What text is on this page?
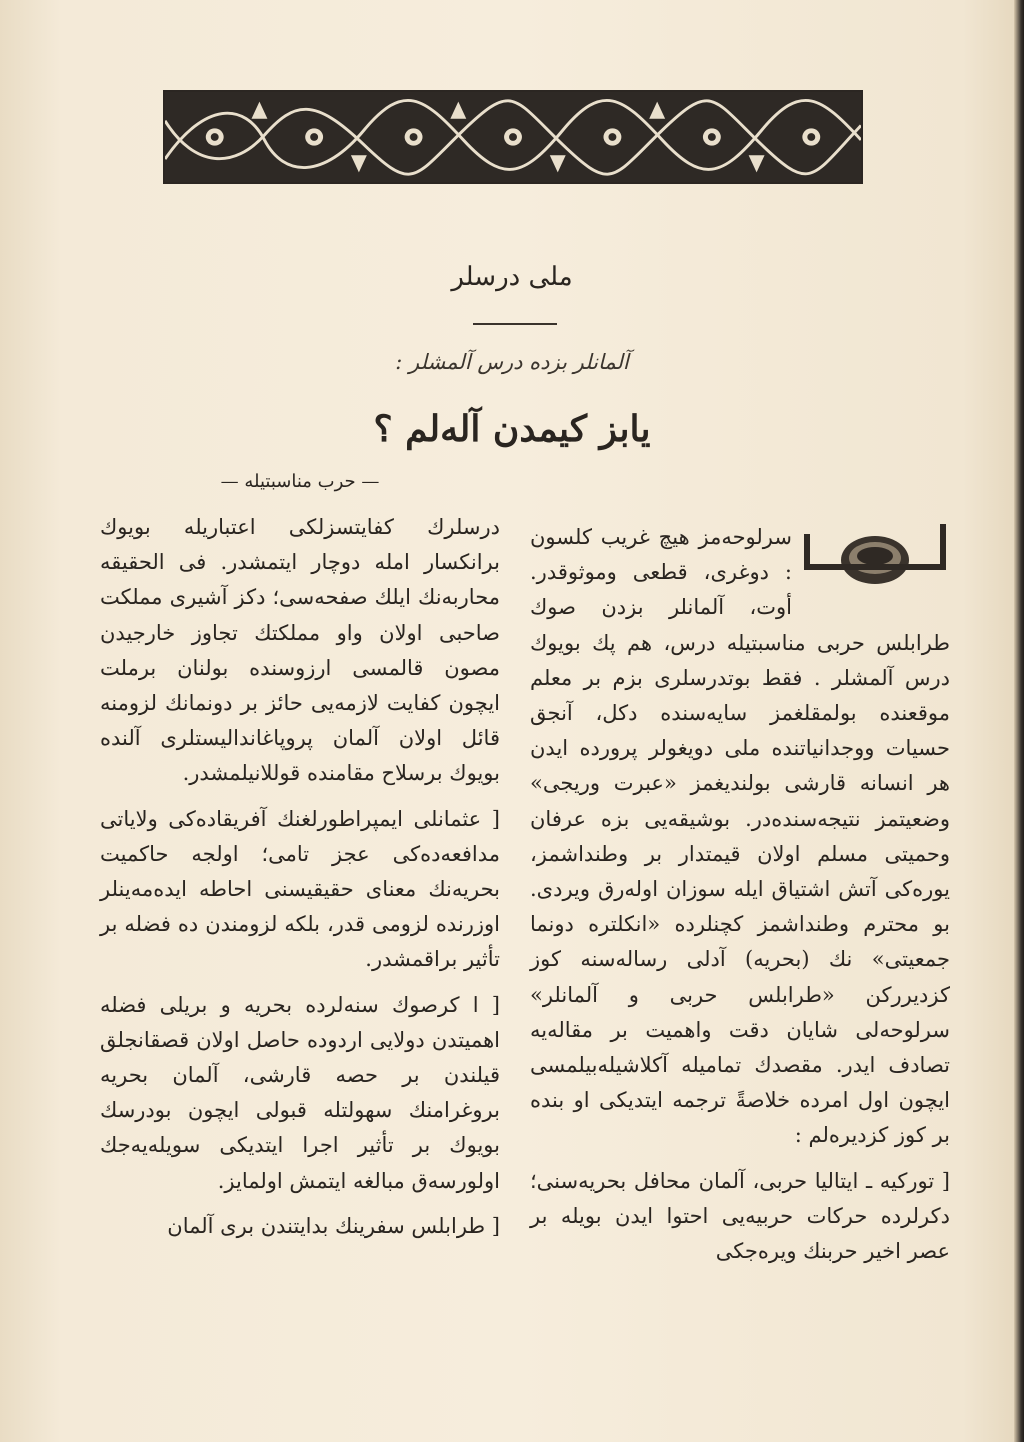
ملی درسلر
آلمانلر بزده درس آلمشلر :
یابز کیمدن آلەلم ؟

سرلوحه‌مز هیچ غریب کلسون : دوغری، قطعی وموثوقدر. أوت، آلمانلر بزدن صوك طرابلس حربی مناسبتیله درس، هم پك بویوك درس آلمشلر . فقط بوتدرسلری بزم بر معلم موقعنده بولمقلغمز سایه‌سنده دکل، آنجق حسیات ووجدانیاتنده ملی دویغولر پرورده ایدن هر انسانه قارشی بولندیغمز «عبرت وریجی» وضعیتمز نتیجه‌سنده‌در. بوشیقه‌یی بزه عرفان وحمیتی مسلم اولان قیمتدار بر وطنداشمز، یوره‌کی آتش اشتیاق ایله سوزان اوله‌رق ویردی. بو محترم وطنداشمز کچنلرده «انکلتره دونما جمعیتی» نك (بحریه) آدلی رساله‌سنه کوز کزدیررکن «طرابلس حربی و آلمانلر» سرلوحه‌لی شایان دقت واهمیت بر مقاله‌یه تصادف ایدر. مقصدك تمامیله آکلاشیله‌بیلمسی ایچون اول امرده خلاصةً ترجمه ایتدیکی او بنده بر کوز کزدیره‌لم :

[ تورکیه ـ ایتالیا حربی، آلمان محافل بحریه‌سنی؛ دکرلرده حرکات حربیه‌یی احتوا ایدن بویله بر عصر اخیر حربنك ویره‌جکی

— حرب مناسبتیله —

درسلرك کفایتسزلکی اعتباریله بویوك برانکسار امله دوچار ایتمشدر. فی الحقیقه محاربه‌نك ایلك صفحه‌سی؛ دکز آشیری مملکت صاحبی اولان واو مملکتك تجاوز خارجیدن مصون قالمسی ارزوسنده بولنان برملت ایچون کفایت لازمه‌یی حائز بر دونمانك لزومنه قائل اولان آلمان پروپاغاندالیستلری آلنده بویوك برسلاح مقامنده قوللانیلمشدر.

[ عثمانلی ایمپراطورلغنك آفریقاده‌کی ولایاتی مدافعه‌ده‌کی عجز تامی؛ اولجه حاکمیت بحریه‌نك معنای حقیقیسنی احاطه ایده‌مه‌ینلر اوزرنده لزومی قدر، بلکه لزومندن ده فضله بر تأثیر براقمشدر.

[ ا کرصوك سنه‌لرده بحریه و بریلی فضله اهمیتدن دولایی اردوده حاصل اولان قصقانجلق قیلندن بر حصه قارشی، آلمان بحریه بروغرامنك سهولتله قبولی ایچون بودرسك بویوك بر تأثیر اجرا ایتدیکی سویله‌یه‌جك اولورسه‌ق مبالغه ایتمش اولمایز.

[ طرابلس سفرینك بدایتندن بری آلمان
